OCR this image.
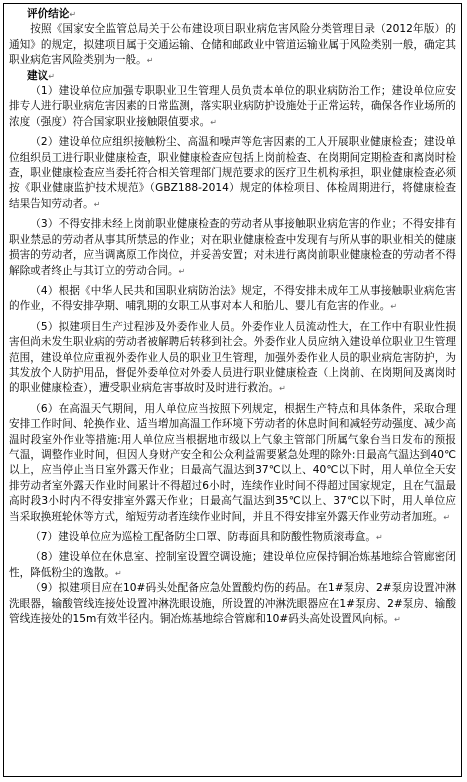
评价结论↵

按照《国家安全监管总局关于公布建设项目职业病危害风险分类管理目录（2012年版）的通知》的规定，拟建项目属于交通运输、仓储和邮政业中管道运输业属于风险类别一般，确定其职业病危害风险类别为一般。↵

建议↵

（1）建设单位应加强专职职业卫生管理人员负责本单位的职业病防治工作；建设单位应安排专人进行职业病危害因素的日常监测，落实职业病防护设施处于正常运转，确保各作业场所的浓度（强度）符合国家职业接触限值要求。↵

（2）建设单位应组织接触粉尘、高温和噪声等危害因素的工人开展职业健康检查；建设单位组织员工进行职业健康检查，职业健康检查应包括上岗前检查、在岗期间定期检查和离岗时检查，职业健康检查应当委托符合相关管理部门规范要求的医疗卫生机构承担，职业健康检查必须按《职业健康监护技术规范》（GBZ188-2014）规定的体检项目、体检周期进行，将健康检查结果告知劳动者。↵

（3）不得安排未经上岗前职业健康检查的劳动者从事接触职业病危害的作业；不得安排有职业禁忌的劳动者从事其所禁忌的作业；对在职业健康检查中发现有与所从事的职业相关的健康损害的劳动者，应当调离原工作岗位，并妥善安置；对未进行离岗前职业健康检查的劳动者不得解除或者终止与其订立的劳动合同。↵

（4）根据《中华人民共和国职业病防治法》规定，不得安排未成年工从事接触职业病危害的作业，不得安排孕期、哺乳期的女职工从事对本人和胎儿、婴儿有危害的作业。↵

（5）拟建项目生产过程涉及外委作业人员。外委作业人员流动性大，在工作中有职业性损害但尚未发生职业病的劳动者被解聘后转移到社会。外委作业人员应纳入建设单位职业卫生管理范围，建设单位应重视外委作业人员的职业卫生管理，加强外委作业人员的职业病危害防护，为其发放个人防护用品，督促外委单位对外委人员进行职业健康检查（上岗前、在岗期间及离岗时的职业健康检查），遭受职业病危害事故时及时进行救治。↵

（6）在高温天气期间，用人单位应当按照下列规定，根据生产特点和具体条件，采取合理安排工作时间、轮换作业、适当增加高温工作环境下劳动者的休息时间和减轻劳动强度、减少高温时段室外作业等措施:用人单位应当根据地市级以上气象主管部门所属气象台当日发布的预报气温，调整作业时间，但因人身财产安全和公众利益需要紧急处理的除外:日最高气温达到40℃以上，应当停止当日室外露天作业；日最高气温达到37℃以上、40℃以下时，用人单位全天安排劳动者室外露天作业时间累计不得超过6小时，连续作业时间不得超过国家规定，且在气温最高时段3小时内不得安排室外露天作业；日最高气温达到35℃以上、37℃以下时，用人单位应当采取换班轮休等方式，缩短劳动者连续作业时间，并且不得安排室外露天作业劳动者加班。↵

（7）建设单位应为巡检工配备防尘口罩、防毒面具和防酸性物质滚毒盒。↵

（8）建设单位在休息室、控制室设置空调设施；建设单位应保持铜冶炼基地综合管廊密闭性，降低粉尘的逸散。↵

（9）拟建项目应在10#码头处配备应急处置酸灼伤的药品。在1#泵房、2#泵房设置冲淋洗眼器，输酸管线连接处设置冲淋洗眼设施，所设置的冲淋洗眼器应在1#泵房、2#泵房、输酸管线连接处的15m有效半径内。铜冶炼基地综合管廊和10#码头高处设置风向标。↵
